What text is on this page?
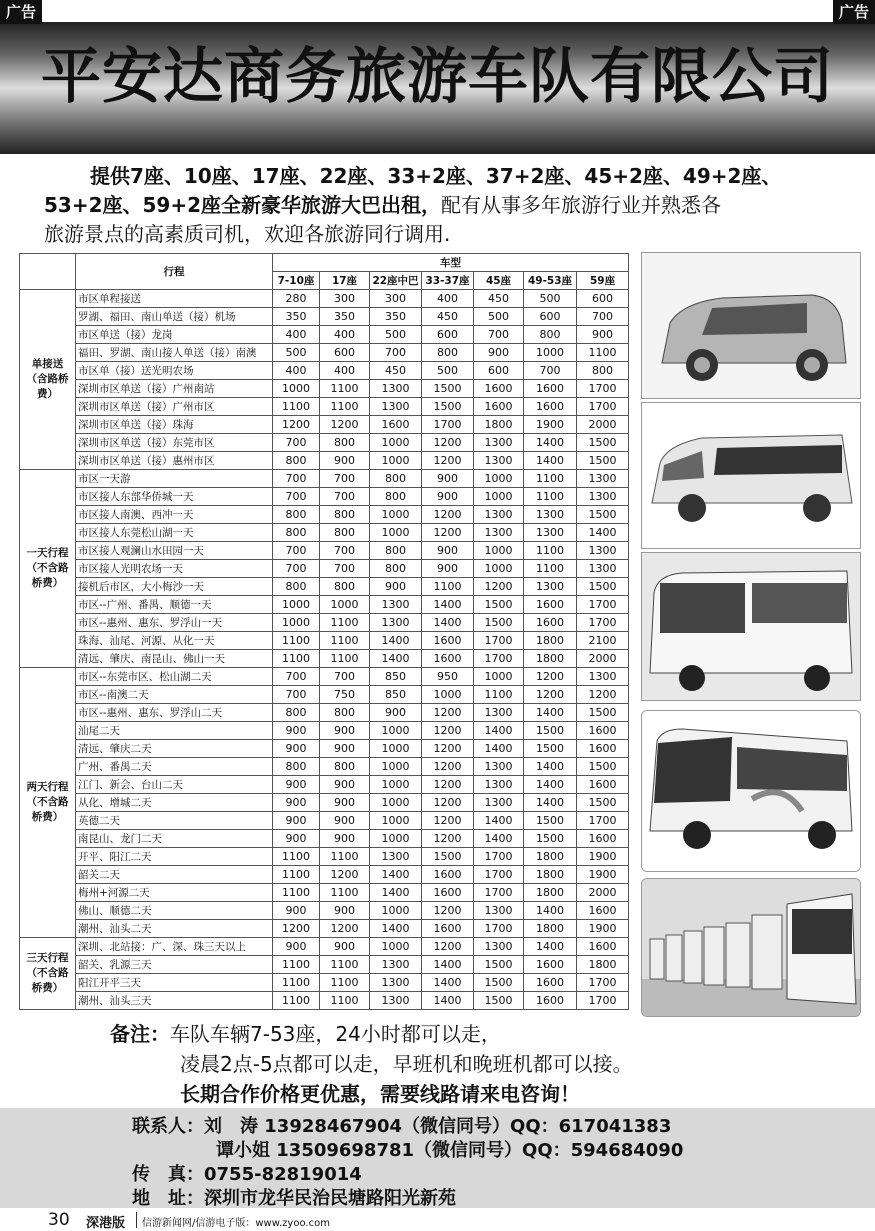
广告	广告
平安达商务旅游车队有限公司
提供7座、10座、17座、22座、33+2座、37+2座、45+2座、49+2座、
53+2座、59+2座全新豪华旅游大巴出租，配有从事多年旅游行业并熟悉各
旅游景点的高素质司机，欢迎各旅游同行调用.
	行程	车型						
		7-10座	17座	22座中巴	33-37座	45座	49-53座	59座
单接送（含路桥费）	市区单程接送	280	300	300	400	450	500	600
	罗湖、福田、南山单送（接）机场	350	350	350	450	500	600	700
	市区单送（接）龙岗	400	400	500	600	700	800	900
	福田、罗湖、南山接人单送（接）南澳	500	600	700	800	900	1000	1100
	市区单（接）送光明农场	400	400	450	500	600	700	800
	深圳市区单送（接）广州南站	1000	1100	1300	1500	1600	1600	1700
	深圳市区单送（接）广州市区	1100	1100	1300	1500	1600	1600	1700
	深圳市区单送（接）珠海	1200	1200	1600	1700	1800	1900	2000
	深圳市区单送（接）东莞市区	700	800	1000	1200	1300	1400	1500
	深圳市区单送（接）惠州市区	800	900	1000	1200	1300	1400	1500
一天行程（不含路桥费）	市区一天游	700	700	800	900	1000	1100	1300
	市区接人东部华侨城一天	700	700	800	900	1000	1100	1300
	市区接人南澳、西冲一天	800	800	1000	1200	1300	1300	1500
	市区接人东莞松山湖一天	800	800	1000	1200	1300	1300	1400
	市区接人观澜山水田园一天	700	700	800	900	1000	1100	1300
	市区接人光明农场一天	700	700	800	900	1000	1100	1300
	接机后市区，大小梅沙一天	800	800	900	1100	1200	1300	1500
	市区--广州、番禺、顺德一天	1000	1000	1300	1400	1500	1600	1700
	市区--惠州、惠东、罗浮山一天	1000	1100	1300	1400	1500	1600	1700
	珠海、汕尾、河源、从化一天	1100	1100	1400	1600	1700	1800	2100
	清远、肇庆、南昆山、佛山一天	1100	1100	1400	1600	1700	1800	2000
两天行程（不含路桥费）	市区--东莞市区、松山湖二天	700	700	850	950	1000	1200	1300
	市区--南澳二天	700	750	850	1000	1100	1200	1200
	市区--惠州、惠东、罗浮山二天	800	800	900	1200	1300	1400	1500
	汕尾二天	900	900	1000	1200	1400	1500	1600
	清远、肇庆二天	900	900	1000	1200	1400	1500	1600
	广州、番禺二天	800	800	1000	1200	1300	1400	1500
	江门、新会、台山二天	900	900	1000	1200	1300	1400	1600
	从化、增城二天	900	900	1000	1200	1300	1400	1500
	英德二天	900	900	1000	1200	1400	1500	1700
	南昆山、龙门二天	900	900	1000	1200	1400	1500	1600
	开平、阳江二天	1100	1100	1300	1500	1700	1800	1900
	韶关二天	1100	1200	1400	1600	1700	1800	1900
	梅州+河源二天	1100	1100	1400	1600	1700	1800	2000
	佛山、顺德二天	900	900	1000	1200	1300	1400	1600
	潮州、汕头二天	1200	1200	1400	1600	1700	1800	1900
三天行程（不含路桥费）	深圳、北站接：广、深、珠三天以上	900	900	1000	1200	1300	1400	1600
	韶关、乳源三天	1100	1100	1300	1400	1500	1600	1800
	阳江开平三天	1100	1100	1300	1400	1500	1600	1700
	潮州、汕头三天	1100	1100	1300	1400	1500	1600	1700
备注：车队车辆7-53座，24小时都可以走，
凌晨2点-5点都可以走，早班机和晚班机都可以接。
长期合作价格更优惠，需要线路请来电咨询！
联系人：刘　涛 13928467904（微信同号）QQ：617041383
谭小姐 13509698781（微信同号）QQ：594684090
传　真：0755-82819014
地　址：深圳市龙华民治民塘路阳光新苑
30 深港版 信游新闻网/信游电子版：www.zyoo.com
